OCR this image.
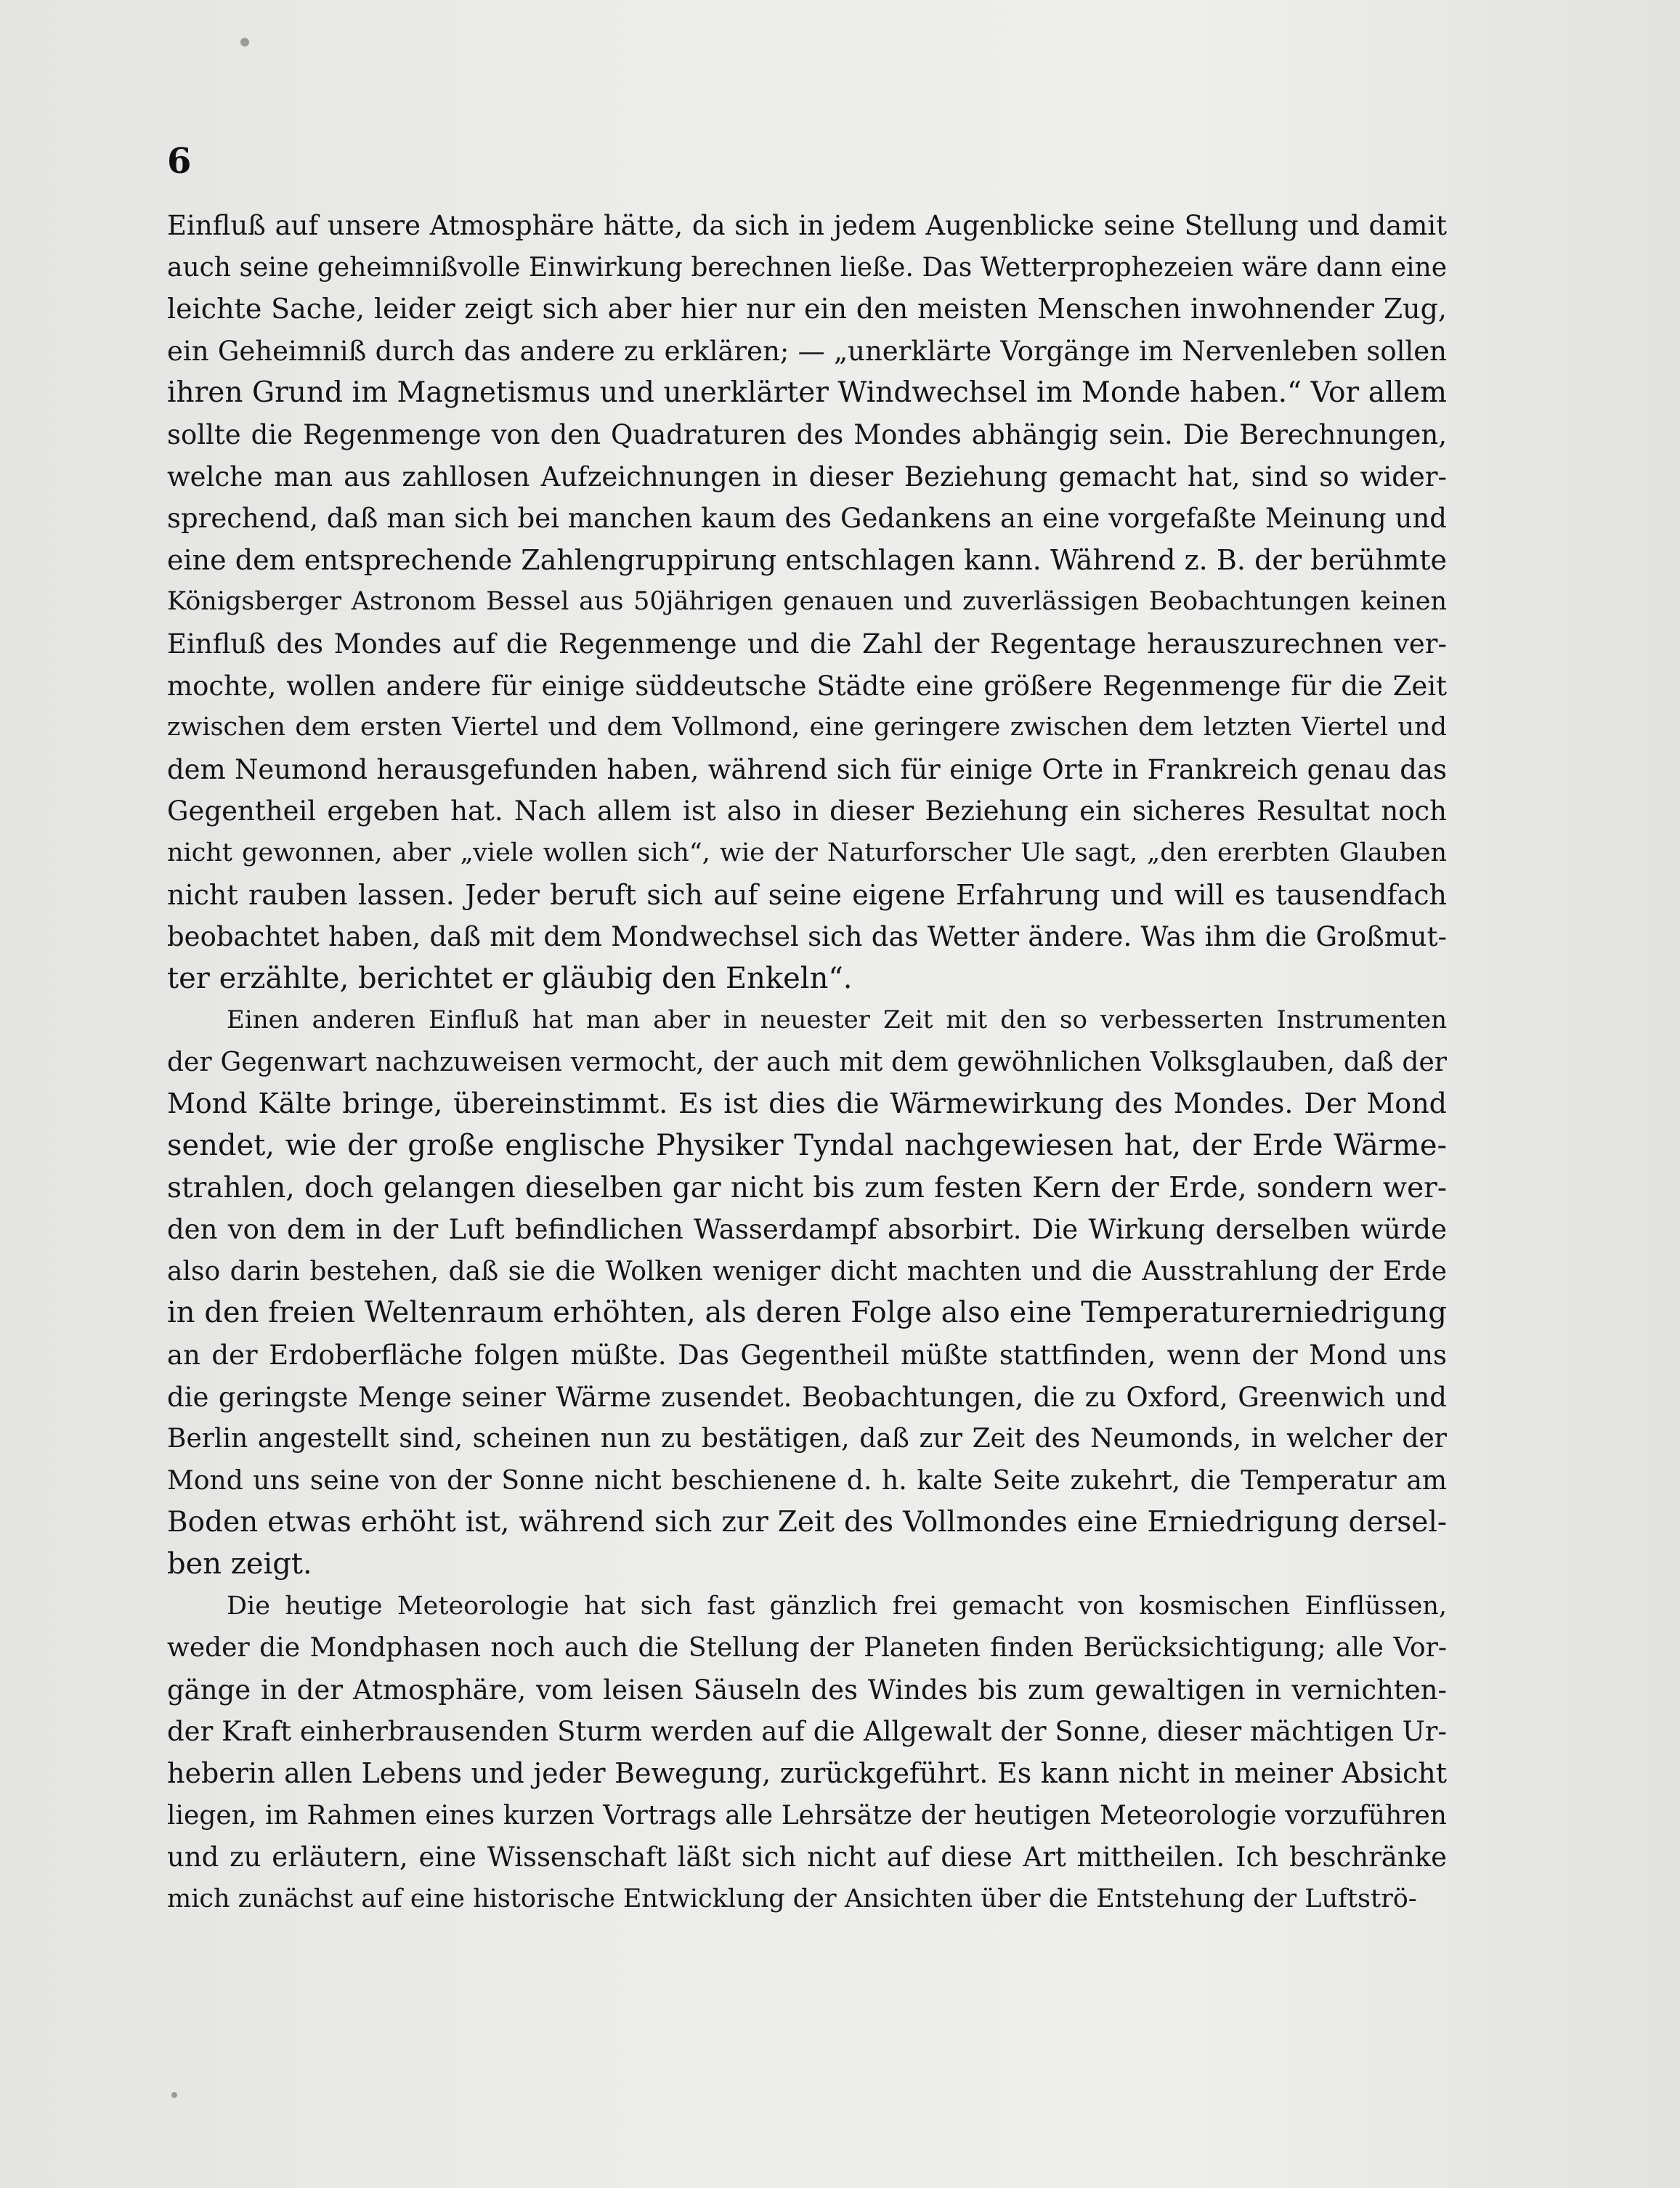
6
Einfluß auf unsere Atmosphäre hätte, da sich in jedem Augenblicke seine Stellung und damit
auch seine geheimnißvolle Einwirkung berechnen ließe. Das Wetterprophezeien wäre dann eine
leichte Sache, leider zeigt sich aber hier nur ein den meisten Menschen inwohnender Zug,
ein Geheimniß durch das andere zu erklären; — „unerklärte Vorgänge im Nervenleben sollen
ihren Grund im Magnetismus und unerklärter Windwechsel im Monde haben.“ Vor allem
sollte die Regenmenge von den Quadraturen des Mondes abhängig sein. Die Berechnungen,
welche man aus zahllosen Aufzeichnungen in dieser Beziehung gemacht hat, sind so wider-
sprechend, daß man sich bei manchen kaum des Gedankens an eine vorgefaßte Meinung und
eine dem entsprechende Zahlengruppirung entschlagen kann. Während z. B. der berühmte
Königsberger Astronom Bessel aus 50jährigen genauen und zuverlässigen Beobachtungen keinen
Einfluß des Mondes auf die Regenmenge und die Zahl der Regentage herauszurechnen ver-
mochte, wollen andere für einige süddeutsche Städte eine größere Regenmenge für die Zeit
zwischen dem ersten Viertel und dem Vollmond, eine geringere zwischen dem letzten Viertel und
dem Neumond herausgefunden haben, während sich für einige Orte in Frankreich genau das
Gegentheil ergeben hat. Nach allem ist also in dieser Beziehung ein sicheres Resultat noch
nicht gewonnen, aber „viele wollen sich“, wie der Naturforscher Ule sagt, „den ererbten Glauben
nicht rauben lassen. Jeder beruft sich auf seine eigene Erfahrung und will es tausendfach
beobachtet haben, daß mit dem Mondwechsel sich das Wetter ändere. Was ihm die Großmut-
ter erzählte, berichtet er gläubig den Enkeln“.
Einen anderen Einfluß hat man aber in neuester Zeit mit den so verbesserten Instrumenten
der Gegenwart nachzuweisen vermocht, der auch mit dem gewöhnlichen Volksglauben, daß der
Mond Kälte bringe, übereinstimmt. Es ist dies die Wärmewirkung des Mondes. Der Mond
sendet, wie der große englische Physiker Tyndal nachgewiesen hat, der Erde Wärme-
strahlen, doch gelangen dieselben gar nicht bis zum festen Kern der Erde, sondern wer-
den von dem in der Luft befindlichen Wasserdampf absorbirt. Die Wirkung derselben würde
also darin bestehen, daß sie die Wolken weniger dicht machten und die Ausstrahlung der Erde
in den freien Weltenraum erhöhten, als deren Folge also eine Temperaturerniedrigung
an der Erdoberfläche folgen müßte. Das Gegentheil müßte stattfinden, wenn der Mond uns
die geringste Menge seiner Wärme zusendet. Beobachtungen, die zu Oxford, Greenwich und
Berlin angestellt sind, scheinen nun zu bestätigen, daß zur Zeit des Neumonds, in welcher der
Mond uns seine von der Sonne nicht beschienene d. h. kalte Seite zukehrt, die Temperatur am
Boden etwas erhöht ist, während sich zur Zeit des Vollmondes eine Erniedrigung dersel-
ben zeigt.
Die heutige Meteorologie hat sich fast gänzlich frei gemacht von kosmischen Einflüssen,
weder die Mondphasen noch auch die Stellung der Planeten finden Berücksichtigung; alle Vor-
gänge in der Atmosphäre, vom leisen Säuseln des Windes bis zum gewaltigen in vernichten-
der Kraft einherbrausenden Sturm werden auf die Allgewalt der Sonne, dieser mächtigen Ur-
heberin allen Lebens und jeder Bewegung, zurückgeführt. Es kann nicht in meiner Absicht
liegen, im Rahmen eines kurzen Vortrags alle Lehrsätze der heutigen Meteorologie vorzuführen
und zu erläutern, eine Wissenschaft läßt sich nicht auf diese Art mittheilen. Ich beschränke
mich zunächst auf eine historische Entwicklung der Ansichten über die Entstehung der Luftströ-
